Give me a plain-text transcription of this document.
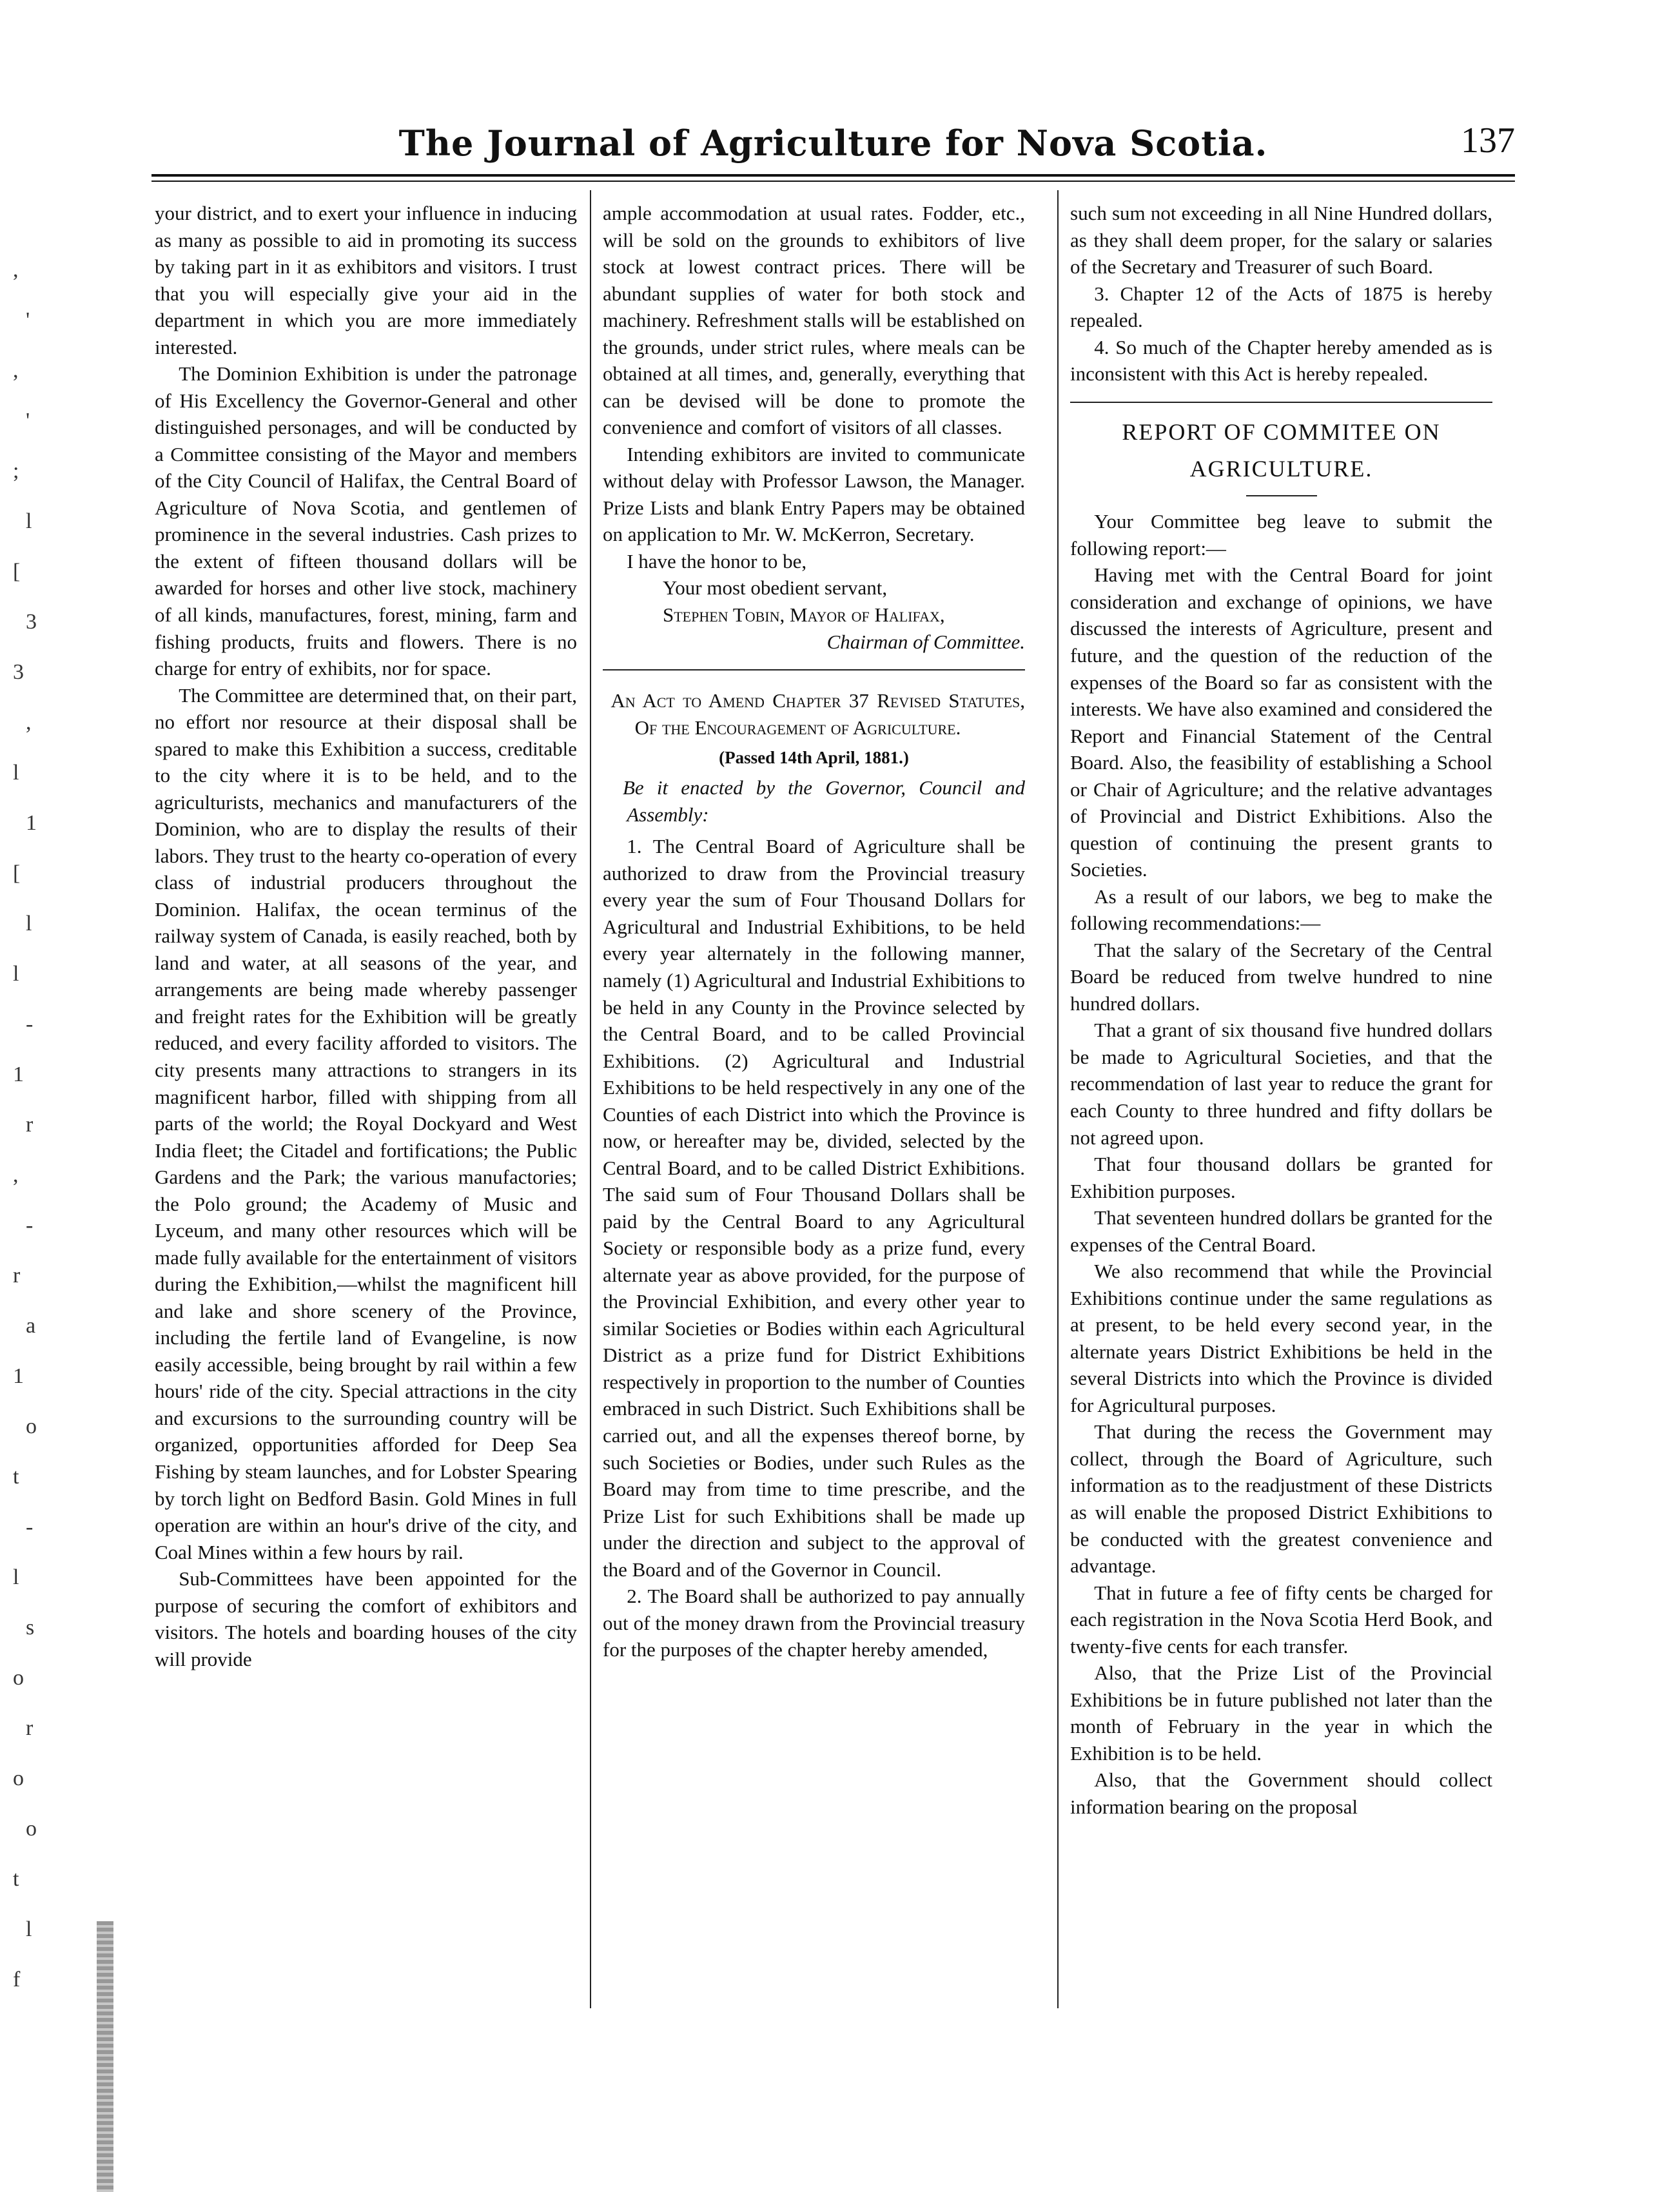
,
'
,
'
;
l
[
3
3
,
l
1
[
l
l
-
1
r
,
-
r
a
1
o
t
-
l
s
o
r
o
o
t
l
f
The Journal of Agriculture for Nova Scotia.	137

your district, and to exert your influence in inducing as many as possible to aid in promoting its success by taking part in it as exhibitors and visitors. I trust that you will especially give your aid in the department in which you are more immediately interested.

The Dominion Exhibition is under the patronage of His Excellency the Governor-General and other distinguished personages, and will be conducted by a Committee consisting of the Mayor and members of the City Council of Halifax, the Central Board of Agriculture of Nova Scotia, and gentlemen of prominence in the several industries. Cash prizes to the extent of fifteen thousand dollars will be awarded for horses and other live stock, machinery of all kinds, manufactures, forest, mining, farm and fishing products, fruits and flowers. There is no charge for entry of exhibits, nor for space.

The Committee are determined that, on their part, no effort nor resource at their disposal shall be spared to make this Exhibition a success, creditable to the city where it is to be held, and to the agriculturists, mechanics and manufacturers of the Dominion, who are to display the results of their labors. They trust to the hearty co-operation of every class of industrial producers throughout the Dominion. Halifax, the ocean terminus of the railway system of Canada, is easily reached, both by land and water, at all seasons of the year, and arrangements are being made whereby passenger and freight rates for the Exhibition will be greatly reduced, and every facility afforded to visitors. The city presents many attractions to strangers in its magnificent harbor, filled with shipping from all parts of the world; the Royal Dockyard and West India fleet; the Citadel and fortifications; the Public Gardens and the Park; the various manufactories; the Polo ground; the Academy of Music and Lyceum, and many other resources which will be made fully available for the entertainment of visitors during the Exhibition,—whilst the magnificent hill and lake and shore scenery of the Province, including the fertile land of Evangeline, is now easily accessible, being brought by rail within a few hours' ride of the city. Special attractions in the city and excursions to the surrounding country will be organized, opportunities afforded for Deep Sea Fishing by steam launches, and for Lobster Spearing by torch light on Bedford Basin. Gold Mines in full operation are within an hour's drive of the city, and Coal Mines within a few hours by rail.

Sub-Committees have been appointed for the purpose of securing the comfort of exhibitors and visitors. The hotels and boarding houses of the city will provide

ample accommodation at usual rates. Fodder, etc., will be sold on the grounds to exhibitors of live stock at lowest contract prices. There will be abundant supplies of water for both stock and machinery. Refreshment stalls will be established on the grounds, under strict rules, where meals can be obtained at all times, and, generally, everything that can be devised will be done to promote the convenience and comfort of visitors of all classes.

Intending exhibitors are invited to communicate without delay with Professor Lawson, the Manager. Prize Lists and blank Entry Papers may be obtained on application to Mr. W. McKerron, Secretary.

I have the honor to be,

Your most obedient servant,

Stephen Tobin, Mayor of Halifax,

Chairman of Committee.

An Act to Amend Chapter 37 Revised Statutes, Of the Encouragement of Agriculture.

(Passed 14th April, 1881.)

Be it enacted by the Governor, Council and Assembly:

1. The Central Board of Agriculture shall be authorized to draw from the Provincial treasury every year the sum of Four Thousand Dollars for Agricultural and Industrial Exhibitions, to be held every year alternately in the following manner, namely (1) Agricultural and Industrial Exhibitions to be held in any County in the Province selected by the Central Board, and to be called Provincial Exhibitions. (2) Agricultural and Industrial Exhibitions to be held respectively in any one of the Counties of each District into which the Province is now, or hereafter may be, divided, selected by the Central Board, and to be called District Exhibitions. The said sum of Four Thousand Dollars shall be paid by the Central Board to any Agricultural Society or responsible body as a prize fund, every alternate year as above provided, for the purpose of the Provincial Exhibition, and every other year to similar Societies or Bodies within each Agricultural District as a prize fund for District Exhibitions respectively in proportion to the number of Counties embraced in such District. Such Exhibitions shall be carried out, and all the expenses thereof borne, by such Societies or Bodies, under such Rules as the Board may from time to time prescribe, and the Prize List for such Exhibitions shall be made up under the direction and subject to the approval of the Board and of the Governor in Council.

2. The Board shall be authorized to pay annually out of the money drawn from the Provincial treasury for the purposes of the chapter hereby amended,

such sum not exceeding in all Nine Hundred dollars, as they shall deem proper, for the salary or salaries of the Secretary and Treasurer of such Board.

3. Chapter 12 of the Acts of 1875 is hereby repealed.

4. So much of the Chapter hereby amended as is inconsistent with this Act is hereby repealed.

REPORT OF COMMITEE ON

AGRICULTURE.

Your Committee beg leave to submit the following report:—

Having met with the Central Board for joint consideration and exchange of opinions, we have discussed the interests of Agriculture, present and future, and the question of the reduction of the expenses of the Board so far as consistent with the interests. We have also examined and considered the Report and Financial Statement of the Central Board. Also, the feasibility of establishing a School or Chair of Agriculture; and the relative advantages of Provincial and District Exhibitions. Also the question of continuing the present grants to Societies.

As a result of our labors, we beg to make the following recommendations:—

That the salary of the Secretary of the Central Board be reduced from twelve hundred to nine hundred dollars.

That a grant of six thousand five hundred dollars be made to Agricultural Societies, and that the recommendation of last year to reduce the grant for each County to three hundred and fifty dollars be not agreed upon.

That four thousand dollars be granted for Exhibition purposes.

That seventeen hundred dollars be granted for the expenses of the Central Board.

We also recommend that while the Provincial Exhibitions continue under the same regulations as at present, to be held every second year, in the alternate years District Exhibitions be held in the several Districts into which the Province is divided for Agricultural purposes.

That during the recess the Government may collect, through the Board of Agriculture, such information as to the readjustment of these Districts as will enable the proposed District Exhibitions to be conducted with the greatest convenience and advantage.

That in future a fee of fifty cents be charged for each registration in the Nova Scotia Herd Book, and twenty-five cents for each transfer.

Also, that the Prize List of the Provincial Exhibitions be in future published not later than the month of February in the year in which the Exhibition is to be held.

Also, that the Government should collect information bearing on the proposal
